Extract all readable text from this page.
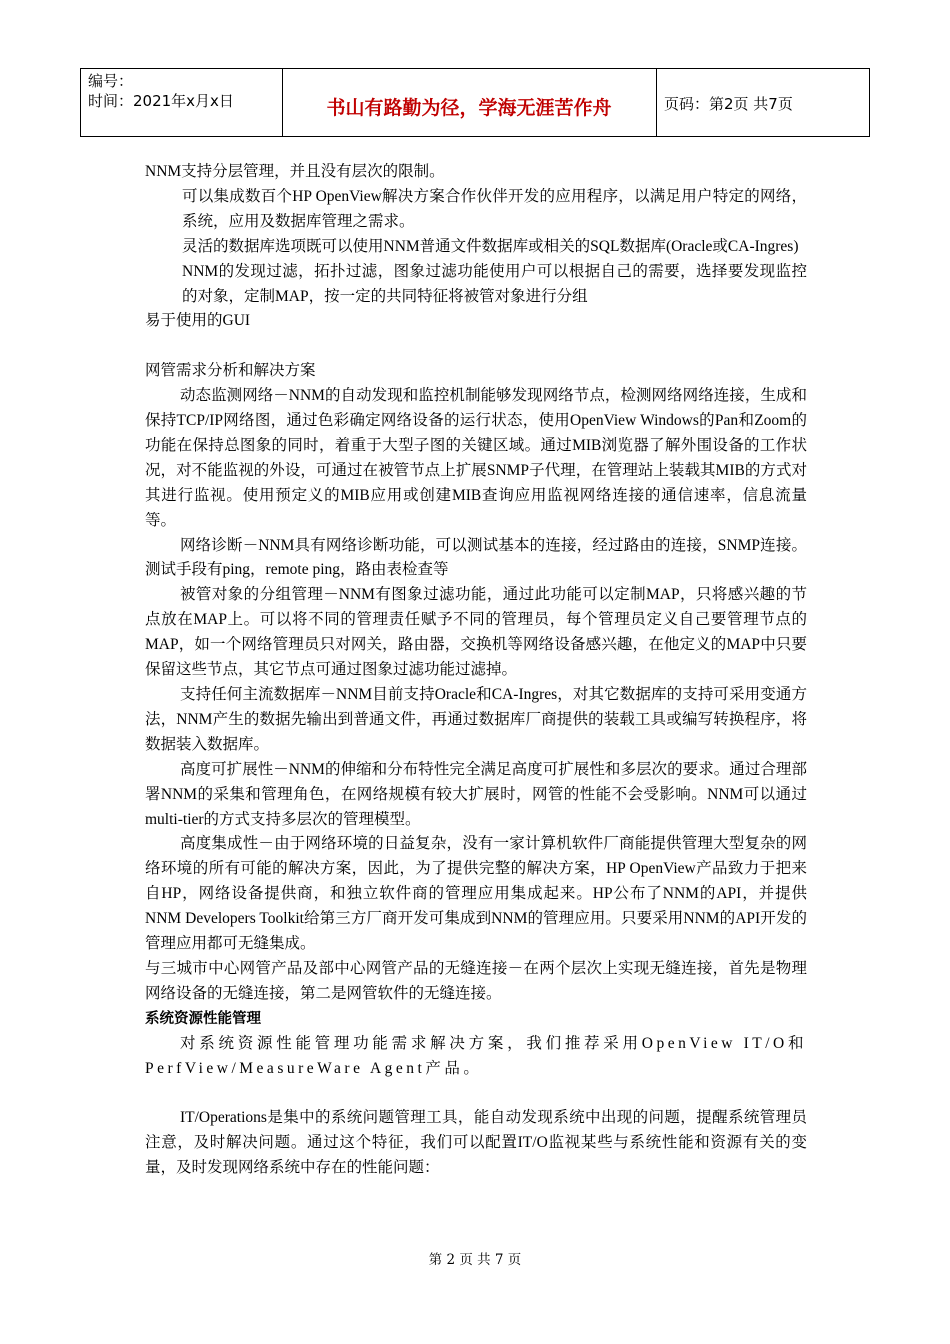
编号：
时间：2021年x月x日	书山有路勤为径，学海无涯苦作舟	页码：第2页 共7页

NNM支持分层管理，并且没有层次的限制。

可以集成数百个HP OpenView解决方案合作伙伴开发的应用程序，以满足用户特定的网络，系统，应用及数据库管理之需求。

灵活的数据库选项既可以使用NNM普通文件数据库或相关的SQL数据库(Oracle或CA-Ingres)

NNM的发现过滤，拓扑过滤，图象过滤功能使用户可以根据自己的需要，选择要发现监控的对象，定制MAP，按一定的共同特征将被管对象进行分组

易于使用的GUI

网管需求分析和解决方案

动态监测网络－NNM的自动发现和监控机制能够发现网络节点，检测网络网络连接，生成和保持TCP/IP网络图，通过色彩确定网络设备的运行状态，使用OpenView Windows的Pan和Zoom的功能在保持总图象的同时，着重于大型子图的关键区域。通过MIB浏览器了解外围设备的工作状况，对不能监视的外设，可通过在被管节点上扩展SNMP子代理，在管理站上装载其MIB的方式对其进行监视。使用预定义的MIB应用或创建MIB查询应用监视网络连接的通信速率，信息流量等。

网络诊断－NNM具有网络诊断功能，可以测试基本的连接，经过路由的连接，SNMP连接。测试手段有ping，remote ping，路由表检查等

被管对象的分组管理－NNM有图象过滤功能，通过此功能可以定制MAP，只将感兴趣的节点放在MAP上。可以将不同的管理责任赋予不同的管理员，每个管理员定义自己要管理节点的MAP，如一个网络管理员只对网关，路由器，交换机等网络设备感兴趣，在他定义的MAP中只要保留这些节点，其它节点可通过图象过滤功能过滤掉。

支持任何主流数据库－NNM目前支持Oracle和CA-Ingres，对其它数据库的支持可采用变通方法，NNM产生的数据先输出到普通文件，再通过数据库厂商提供的装载工具或编写转换程序，将数据装入数据库。

高度可扩展性－NNM的伸缩和分布特性完全满足高度可扩展性和多层次的要求。通过合理部署NNM的采集和管理角色，在网络规模有较大扩展时，网管的性能不会受影响。NNM可以通过multi-tier的方式支持多层次的管理模型。

高度集成性－由于网络环境的日益复杂，没有一家计算机软件厂商能提供管理大型复杂的网络环境的所有可能的解决方案，因此，为了提供完整的解决方案，HP OpenView产品致力于把来自HP，网络设备提供商，和独立软件商的管理应用集成起来。HP公布了NNM的API，并提供NNM Developers Toolkit给第三方厂商开发可集成到NNM的管理应用。只要采用NNM的API开发的管理应用都可无缝集成。

与三城市中心网管产品及部中心网管产品的无缝连接－在两个层次上实现无缝连接，首先是物理网络设备的无缝连接，第二是网管软件的无缝连接。

系统资源性能管理

对系统资源性能管理功能需求解决方案，我们推荐采用OpenView IT/O和PerfView/MeasureWare Agent产品。

IT/Operations是集中的系统问题管理工具，能自动发现系统中出现的问题，提醒系统管理员注意，及时解决问题。通过这个特征，我们可以配置IT/O监视某些与系统性能和资源有关的变量，及时发现网络系统中存在的性能问题：

第 2 页 共 7 页
